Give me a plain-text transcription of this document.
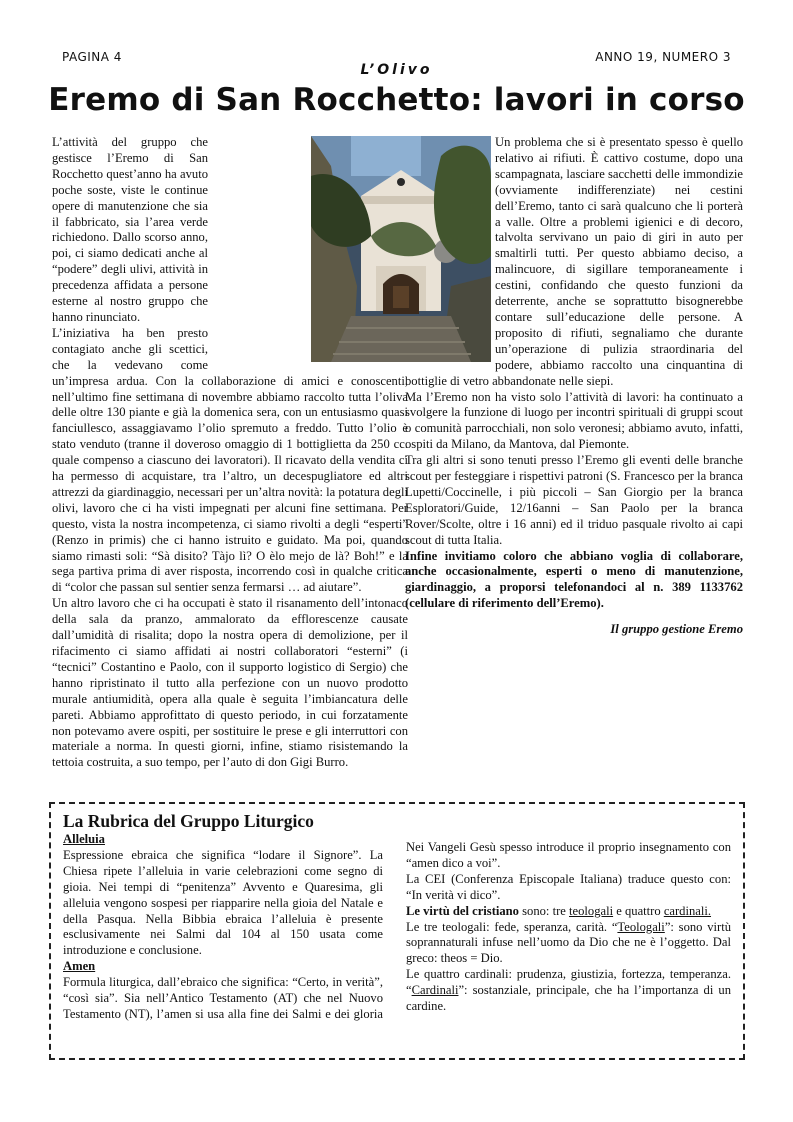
PAGINA 4
L’Olivo
ANNO 19, NUMERO 3
Eremo di San Rocchetto: lavori in corso

L’attività del gruppo che gestisce l’Eremo di San Rocchetto quest’anno ha avuto poche soste, viste le continue opere di manutenzione che sia il fabbricato, sia l’area verde richiedono. Dallo scorso anno, poi, ci siamo dedicati anche al “podere” degli ulivi, attività in precedenza affidata a persone esterne al nostro gruppo che hanno rinunciato.

L’iniziativa ha ben presto contagiato anche gli scettici, che la vedevano come un’impresa ardua. Con la collaborazione di amici e conoscenti, nell’ultimo fine settimana di novembre abbiamo raccolto tutta l’oliva delle oltre 130 piante e già la domenica sera, con un entusiasmo quasi fanciullesco, assaggiavamo l’olio spremuto a freddo. Tutto l’olio è stato venduto (tranne il doveroso omaggio di 1 bottiglietta da 250 cc. quale compenso a ciascuno dei lavoratori). Il ricavato della vendita ci ha permesso di acquistare, tra l’altro, un decespugliatore ed altri attrezzi da giardinaggio, necessari per un’altra novità: la potatura degli olivi, lavoro che ci ha visti impegnati per alcuni fine settimana. Per questo, vista la nostra incompetenza, ci siamo rivolti a degli “esperti” (Renzo in primis) che ci hanno istruito e guidato. Ma poi, quando siamo rimasti soli: “Sà disito? Tàjo lì? O èlo mejo de là? Boh!” e la sega partiva prima di aver risposta, incorrendo così in qualche critica di “color che passan sul sentier senza fermarsi … ad aiutare”.

Un altro lavoro che ci ha occupati è stato il risanamento dell’intonaco della sala da pranzo, ammalorato da efflorescenze causate dall’umidità di risalita; dopo la nostra opera di demolizione, per il rifacimento ci siamo affidati ai nostri collaboratori “esterni” (i “tecnici” Costantino e Paolo, con il supporto logistico di Sergio) che hanno ripristinato il tutto alla perfezione con un nuovo prodotto murale antiumidità, opera alla quale è seguita l’imbiancatura delle pareti. Abbiamo approfittato di questo periodo, in cui forzatamente non potevamo avere ospiti, per sostituire le prese e gli interruttori con materiale a norma. In questi giorni, infine, stiamo risistemando la tettoia costruita, a suo tempo, per l’auto di don Gigi Burro.

Un problema che si è presentato spesso è quello relativo ai rifiuti. È cattivo costume, dopo una scampagnata, lasciare sacchetti delle immondizie (ovviamente indifferenziate) nei cestini dell’Eremo, tanto ci sarà qualcuno che li porterà a valle. Oltre a problemi igienici e di decoro, talvolta servivano un paio di giri in auto per smaltirli tutti. Per questo abbiamo deciso, a malincuore, di sigillare temporaneamente i cestini, confidando che questo funzioni da deterrente, anche se soprattutto bisognerebbe contare sull’educazione delle persone. A proposito di rifiuti, segnaliamo che durante un’operazione di pulizia straordinaria del podere, abbiamo raccolto una cinquantina di bottiglie di vetro abbandonate nelle siepi.

Ma l’Eremo non ha visto solo l’attività di lavori: ha continuato a svolgere la funzione di luogo per incontri spirituali di gruppi scout o comunità parrocchiali, non solo veronesi; abbiamo avuto, infatti, ospiti da Milano, da Mantova, dal Piemonte.

Tra gli altri si sono tenuti presso l’Eremo gli eventi delle branche scout per festeggiare i rispettivi patroni (S. Francesco per la branca Lupetti/Coccinelle, i più piccoli – San Giorgio per la branca Esploratori/Guide, 12/16anni – San Paolo per la branca Rover/Scolte, oltre i 16 anni) ed il triduo pasquale rivolto ai capi scout di tutta Italia.

Infine invitiamo coloro che abbiano voglia di collaborare, anche occasionalmente, esperti o meno di manutenzione, giardinaggio, a proporsi telefonandoci al n. 389 1133762 (cellulare di riferimento dell’Eremo).

Il gruppo gestione Eremo

La Rubrica del Gruppo Liturgico

Alleluia

Espressione ebraica che significa “lodare il Signore”. La Chiesa ripete l’alleluia in varie celebrazioni come segno di gioia. Nei tempi di “penitenza” Avvento e Quaresima, gli alleluia vengono sospesi per riapparire nella gioia del Natale e della Pasqua. Nella Bibbia ebraica l’alleluia è presente esclusivamente nei Salmi dal 104 al 150 usata come introduzione e conclusione.

Amen

Formula liturgica, dall’ebraico che significa: “Certo, in verità”, “così sia”. Sia nell’Antico Testamento (AT) che nel Nuovo Testamento (NT), l’amen si usa alla fine dei Salmi e dei gloria

Nei Vangeli Gesù spesso introduce il proprio insegnamento con “amen dico a voi”.

La CEI (Conferenza Episcopale Italiana) traduce questo con: “In verità vi dico”.

Le virtù del cristiano sono: tre teologali e quattro cardinali.

Le tre teologali: fede, speranza, carità. “Teologali”: sono virtù soprannaturali infuse nell’uomo da Dio che ne è l’oggetto. Dal greco: theos = Dio.

Le quattro cardinali: prudenza, giustizia, fortezza, temperanza. “Cardinali”: sostanziale, principale, che ha l’importanza di un cardine.
